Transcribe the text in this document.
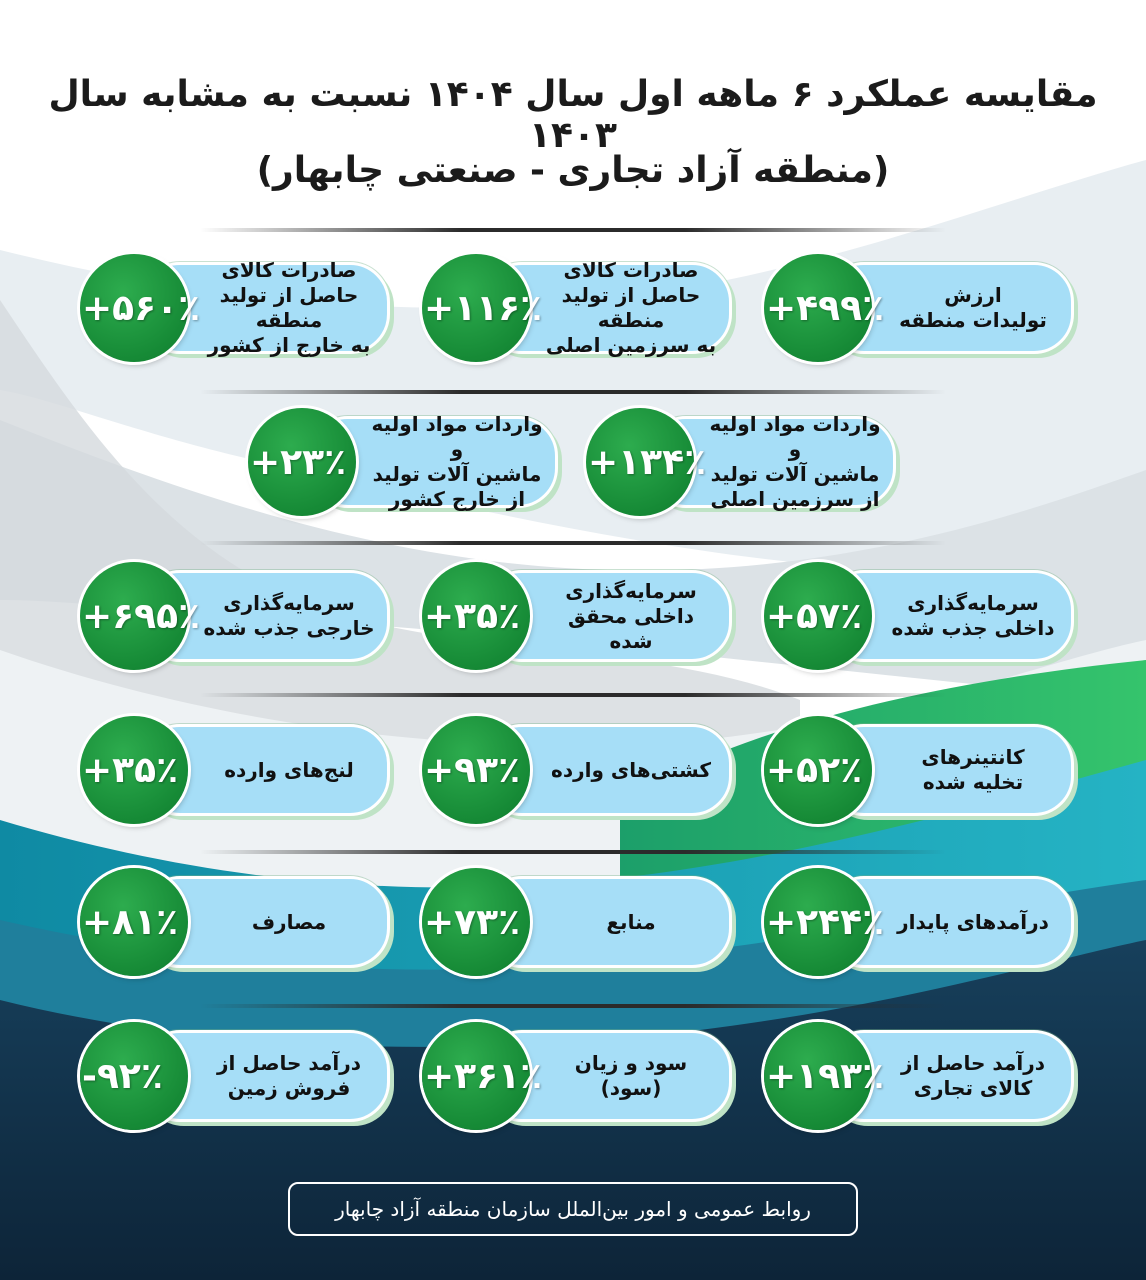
مقایسه عملکرد ۶ ماهه اول سال ۱۴۰۴ نسبت به مشابه سال ۱۴۰۳
(منطقه آزاد تجاری - صنعتی چابهار)
ارزش
تولیدات منطقه
+۴۹۹٪
صادرات کالای
حاصل از تولید منطقه
به سرزمین اصلی
+۱۱۶٪
صادرات کالای
حاصل از تولید منطقه
به خارج از کشور
+۵۶۰٪
واردات مواد اولیه و
ماشین آلات تولید
از سرزمین اصلی
+۱۳۴٪
واردات مواد اولیه و
ماشین آلات تولید
از خارج کشور
+۲۳٪
سرمایه‌گذاری
داخلی جذب شده
+۵۷٪
سرمایه‌گذاری
داخلی محقق شده
+۳۵٪
سرمایه‌گذاری
خارجی جذب شده
+۶۹۵٪
کانتینرهای
تخلیه شده
+۵۲٪
کشتی‌های وارده
+۹۳٪
لنج‌های وارده
+۳۵٪
درآمدهای پایدار
+۲۴۴٪
منابع
+۷۳٪
مصارف
+۸۱٪
درآمد حاصل از
کالای تجاری
+۱۹۳٪
سود و زیان
(سود)
+۳۶۱٪
درآمد حاصل از
فروش زمین
-۹۲٪
روابط عمومی و امور بین‌الملل سازمان منطقه آزاد چابهار
